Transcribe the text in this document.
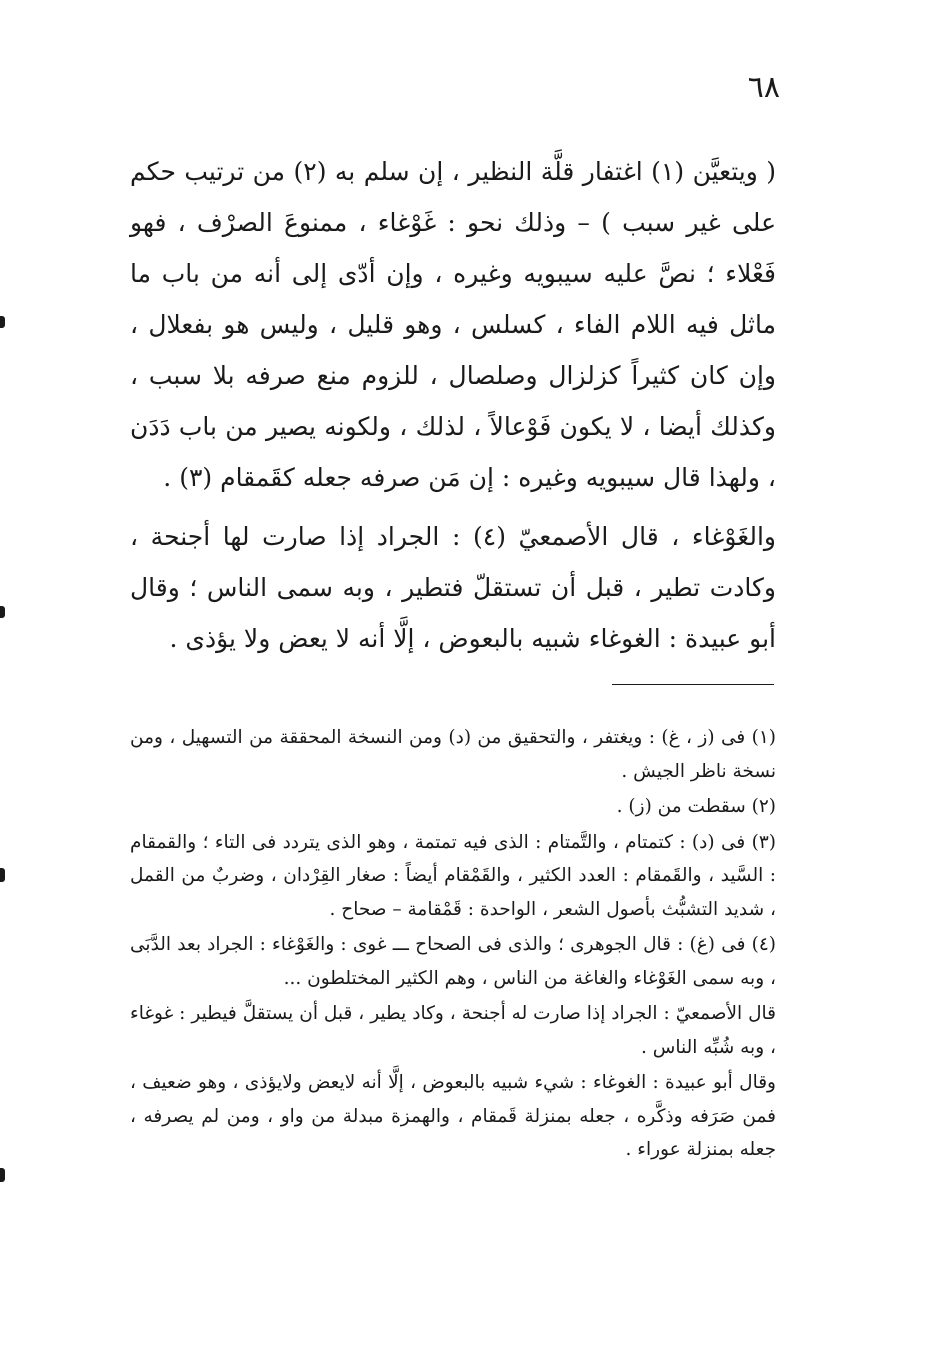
٦٨

( ويتعيَّن (١) اغتفار قلَّة النظير ، إن سلم به (٢) من ترتيب حكم على غير سبب ) – وذلك نحو : غَوْغاء ، ممنوعَ الصرْف ، فهو فَعْلاء ؛ نصَّ عليه سيبويه وغيره ، وإن أدّى إلى أنه من باب ما ماثل فيه اللام الفاء ، كسلس ، وهو قليل ، وليس هو بفعلال ، وإن كان كثيراً كزلزال وصلصال ، للزوم منع صرفه بلا سبب ، وكذلك أيضا ، لا يكون فَوْعالاً ، لذلك ، ولكونه يصير من باب دَدَن ، ولهذا قال سيبويه وغيره : إن مَن صرفه جعله كقَمقام (٣) .

والغَوْغاء ، قال الأصمعيّ (٤) : الجراد إذا صارت لها أجنحة ، وكادت تطير ، قبل أن تستقلّ فتطير ، وبه سمى الناس ؛ وقال أبو عبيدة : الغوغاء شبيه بالبعوض ، إلَّا أنه لا يعض ولا يؤذى .

(١) فى (ز ، غ) : ويغتفر ، والتحقيق من (د) ومن النسخة المحققة من التسهيل ، ومن نسخة ناظر الجيش .

(٢) سقطت من (ز) .

(٣) فى (د) : كتمتام ، والتَّمتام : الذى فيه تمتمة ، وهو الذى يتردد فى التاء ؛ والقمقام : السَّيد ، والقَمقام : العدد الكثير ، والقَمْقام أيضاً : صغار القِرْدان ، وضربٌ من القمل ، شديد التشبُّث بأصول الشعر ، الواحدة : قَمْقامة – صحاح .

(٤) فى (غ) : قال الجوهرى ؛ والذى فى الصحاح ـــ غوى : والغَوْغاء : الجراد بعد الدَّبَى ، وبه سمى الغَوْغاء والغاغة من الناس ، وهم الكثير المختلطون ...

قال الأصمعيّ : الجراد إذا صارت له أجنحة ، وكاد يطير ، قبل أن يستقلَّ فيطير : غوغاء ، وبه شُبِّه الناس .

وقال أبو عبيدة : الغوغاء : شيء شبيه بالبعوض ، إلَّا أنه لايعض ولايؤذى ، وهو ضعيف ، فمن صَرَفه وذكَّره ، جعله بمنزلة قَمقام ، والهمزة مبدلة من واو ، ومن لم يصرفه ، جعله بمنزلة عوراء .
